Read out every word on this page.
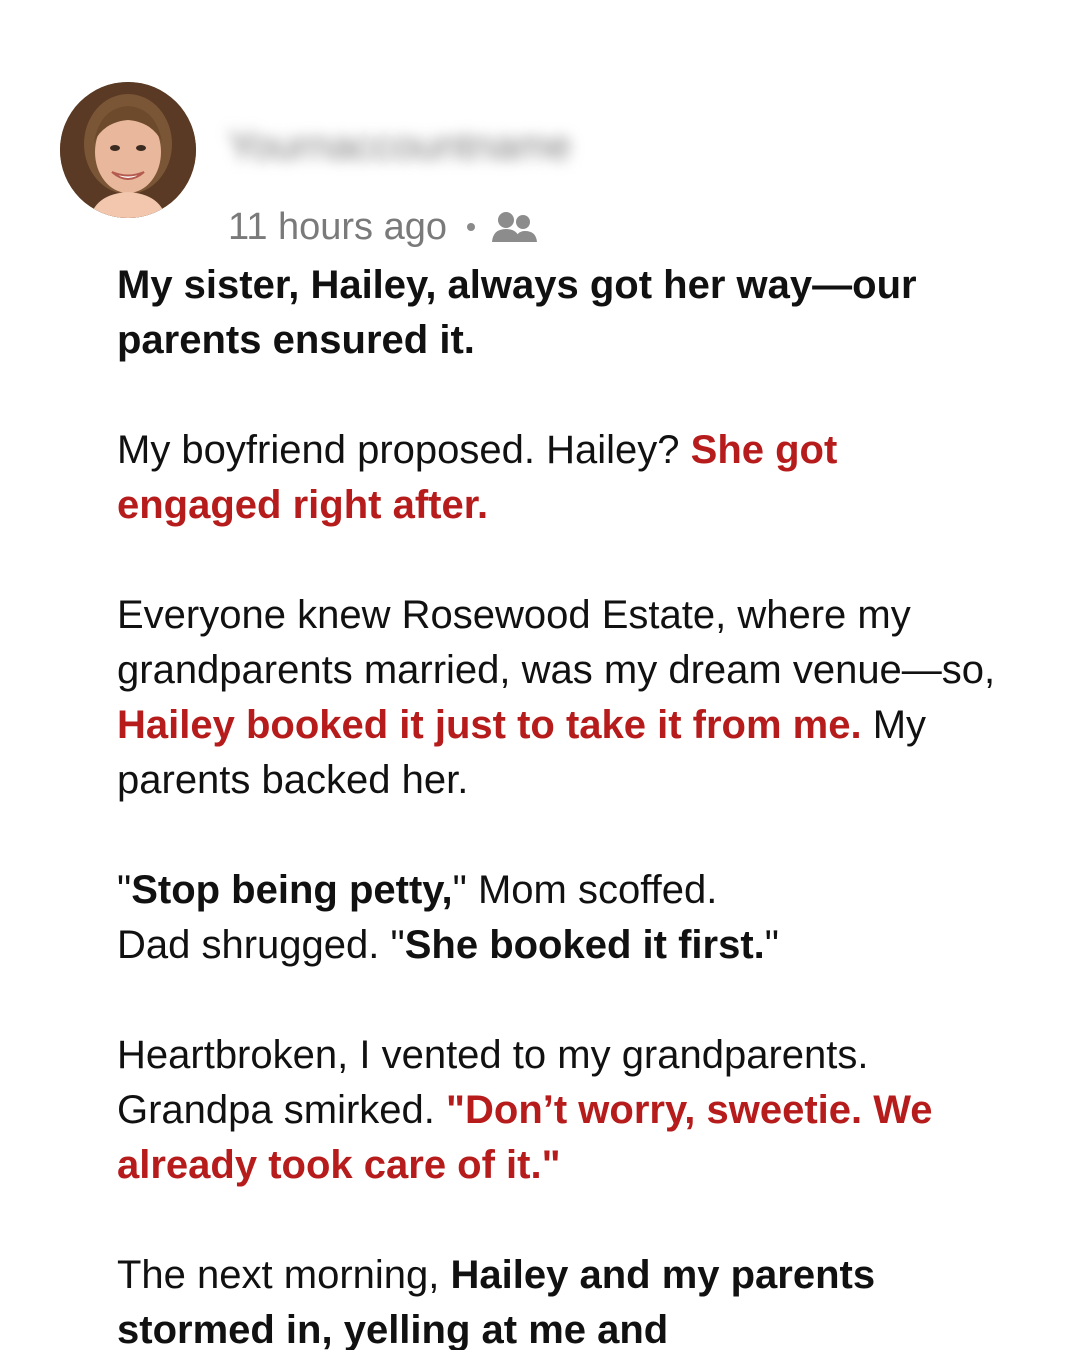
Yournaccountname
11 hours ago

My sister, Hailey, always got her way—our parents ensured it.

My boyfriend proposed. Hailey? She got engaged right after.

Everyone knew Rosewood Estate, where my grandparents married, was my dream venue—so, Hailey booked it just to take it from me. My parents backed her.

"Stop being petty," Mom scoffed.
Dad shrugged. "She booked it first."

Heartbroken, I vented to my grandparents. Grandpa smirked. "Don’t worry, sweetie. We already took care of it."

The next morning, Hailey and my parents stormed in, yelling at me and
